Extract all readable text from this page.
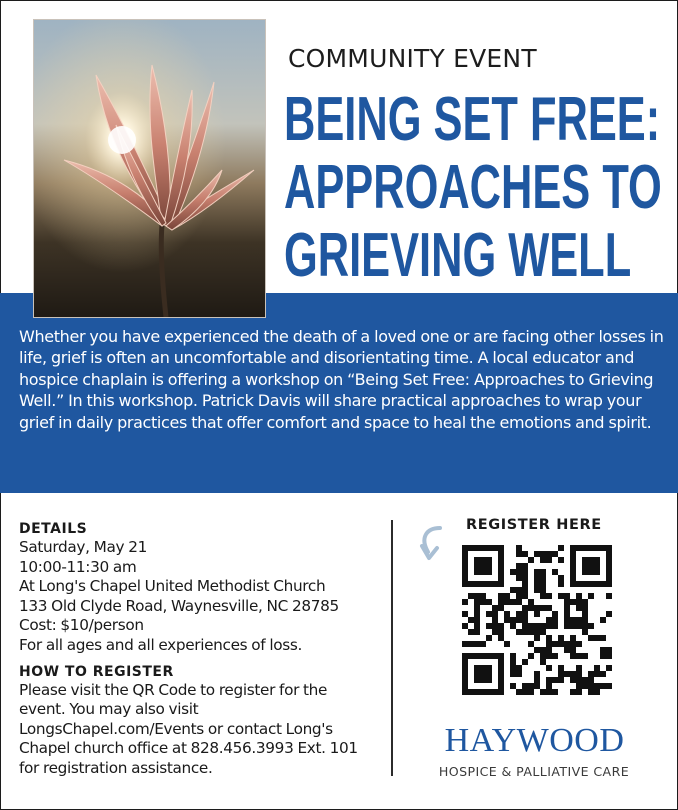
COMMUNITY EVENT
BEING SET FREE:
APPROACHES TO
GRIEVING WELL
Whether you have experienced the death of a loved one or are facing other losses in life, grief is often an uncomfortable and disorientating time. A local educator and hospice chaplain is offering a workshop on “Being Set Free: Approaches to Grieving Well.” In this workshop. Patrick Davis will share practical approaches to wrap your grief in daily practices that offer comfort and space to heal the emotions and spirit.
DETAILS
Saturday, May 21
10:00-11:30 am
At Long's Chapel United Methodist Church
133 Old Clyde Road, Waynesville, NC 28785
Cost: $10/person
For all ages and all experiences of loss.
HOW TO REGISTER
Please visit the QR Code to register for the
event. You may also visit
LongsChapel.com/Events or contact Long's
Chapel church office at 828.456.3993 Ext. 101
for registration assistance.
REGISTER HERE
HAYWOOD
HOSPICE & PALLIATIVE CARE
